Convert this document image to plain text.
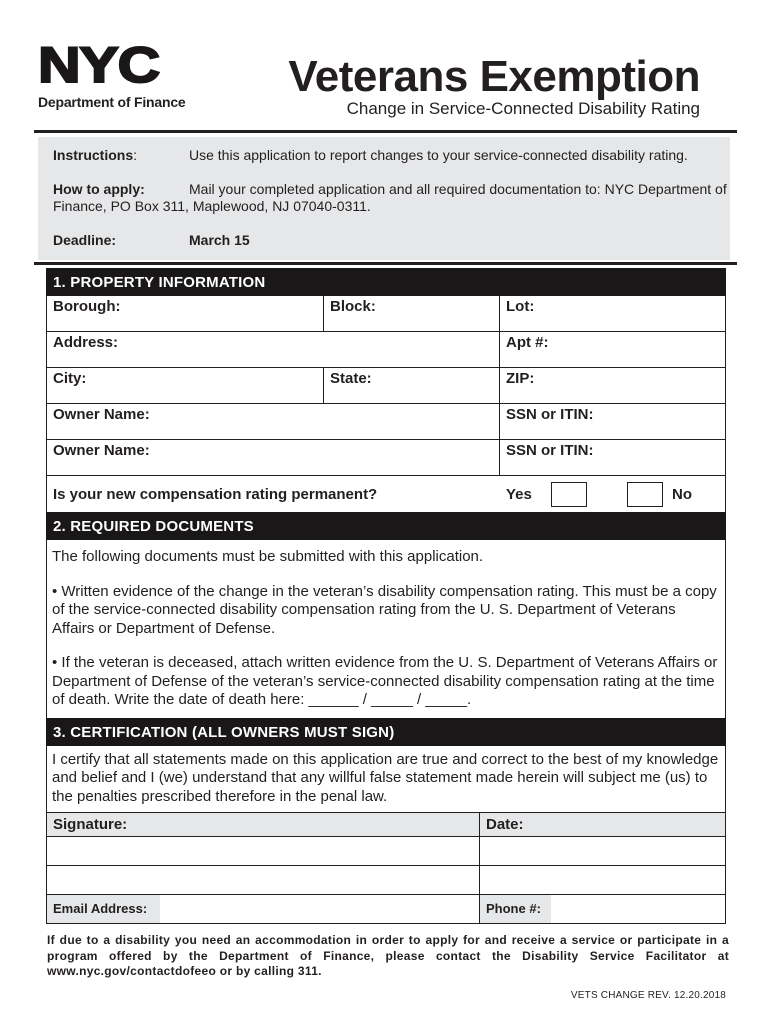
NYC
Department of Finance
Veterans Exemption
Change in Service-Connected Disability Rating
Instructions:	Use this application to report changes to your service-connected disability rating.
How to apply:	Mail your completed application and all required documentation to: NYC Department of
Finance, PO Box 311, Maplewood, NJ 07040-0311.
Deadline:	March 15
1. PROPERTY INFORMATION
Borough:	Block:	Lot:
Address:	Apt #:
City:	State:	ZIP:
Owner Name:	SSN or ITIN:
Owner Name:	SSN or ITIN:
Is your new compensation rating permanent?	Yes	No
2. REQUIRED DOCUMENTS
The following documents must be submitted with this application.
• Written evidence of the change in the veteran’s disability compensation rating. This must be a copy of the service-connected disability compensation rating from the U. S. Department of Veterans Affairs or Department of Defense.
• If the veteran is deceased, attach written evidence from the U. S. Department of Veterans Affairs or Department of Defense of the veteran’s service-connected disability compensation rating at the time of death. Write the date of death here: ______ / _____ / _____.
3. CERTIFICATION (ALL OWNERS MUST SIGN)
I certify that all statements made on this application are true and correct to the best of my knowledge and belief and I (we) understand that any willful false statement made herein will subject me (us) to the penalties prescribed therefore in the penal law.
Signature:	Date:
Email Address:	Phone #:
If due to a disability you need an accommodation in order to apply for and receive a service or participate in a program offered by the Department of Finance, please contact the Disability Service Facilitator at www.nyc.gov/contactdofeeo or by calling 311.
VETS CHANGE REV. 12.20.2018
